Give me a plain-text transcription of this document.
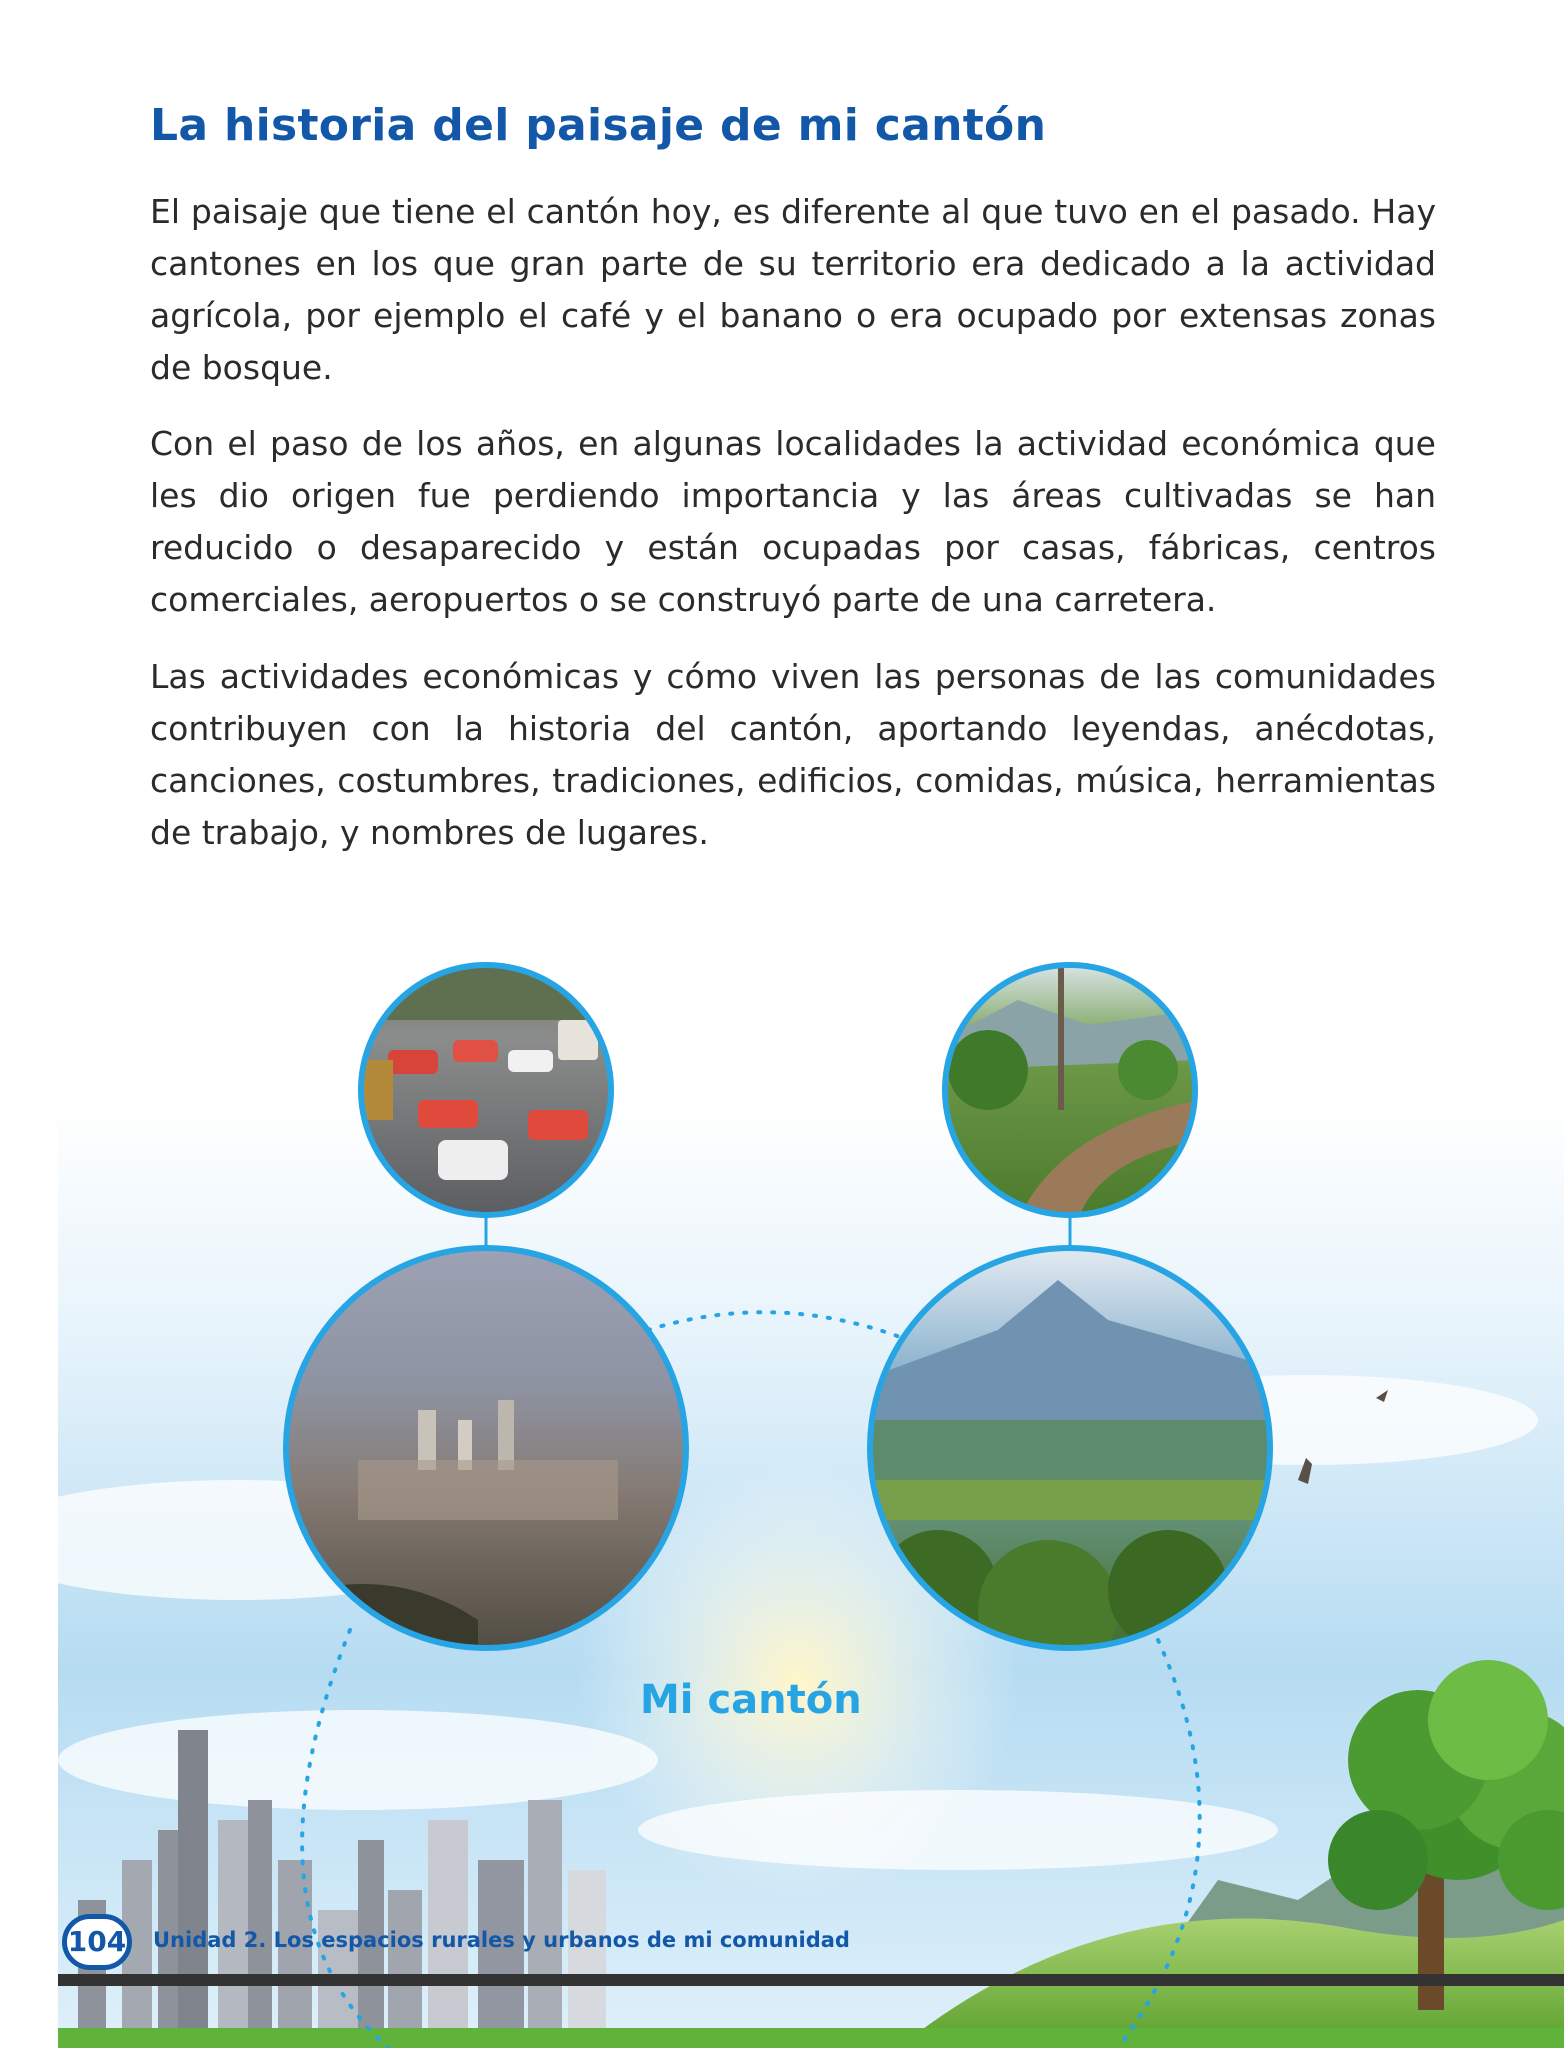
La historia del paisaje de mi cantón

El paisaje que tiene el cantón hoy, es diferente al que tuvo en el pasado. Hay cantones en los que gran parte de su territorio era dedicado a la actividad agrícola, por ejemplo el café y el banano o era ocupado por extensas zonas de bosque.

Con el paso de los años, en algunas localidades la actividad económica que les dio origen fue perdiendo importancia y las áreas cultivadas se han reducido o desaparecido y están ocupadas por casas, fábricas, centros comerciales, aeropuertos o se construyó parte de una carretera.

Las actividades económicas y cómo viven las personas de las comunidades contribuyen con la historia del cantón, aportando leyendas, anécdotas, canciones, costumbres, tradiciones, edificios, comidas, música, herramientas de trabajo, y nombres de lugares.

Mi cantón
104 Unidad 2. Los espacios rurales y urbanos de mi comunidad
